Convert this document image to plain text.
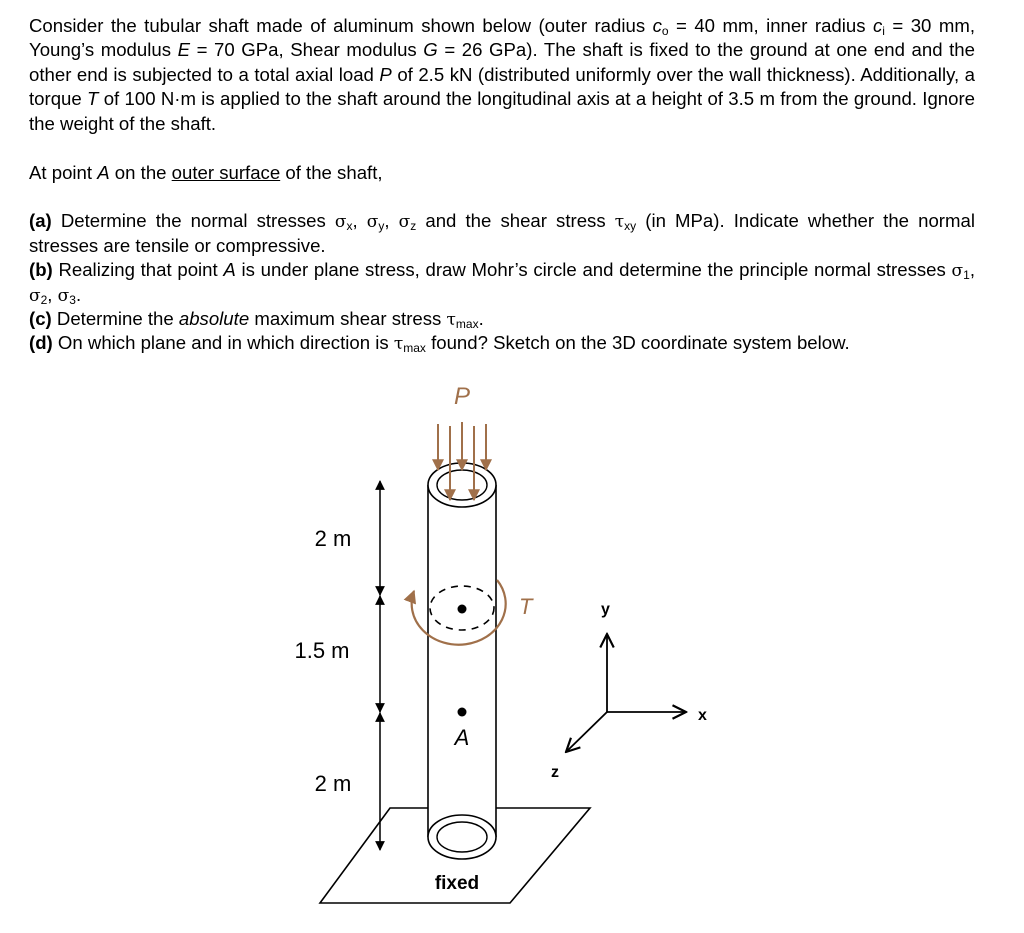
Consider the tubular shaft made of aluminum shown below (outer radius $c_o = 40$ mm, inner radius $c_i = 30$ mm, Young’s modulus E = 70 GPa, Shear modulus G = 26 GPa). The shaft is fixed to the ground at one end and the other end is subjected to a total axial load P of 2.5 kN (distributed uniformly over the wall thickness). Additionally, a torque T of 100 N·m is applied to the shaft around the longitudinal axis at a height of 3.5 m from the ground. Ignore the weight of the shaft.

At point A on the outer surface of the shaft,

(a) Determine the normal stresses $\sigma_x$, $\sigma_y$, $\sigma_z$ and the shear stress $\tau_{xy}$ (in MPa). Indicate whether the normal stresses are tensile or compressive.

(b) Realizing that point A is under plane stress, draw Mohr’s circle and determine the principle normal stresses $\sigma_1$, $\sigma_2$, $\sigma_3$.

(c) Determine the absolute maximum shear stress $\tau_{max}$.

(d) On which plane and in which direction is $\tau_{max}$ found? Sketch on the 3D coordinate system below.

P
T
A
fixed
2 m
1.5 m
2 m
y
x
z
